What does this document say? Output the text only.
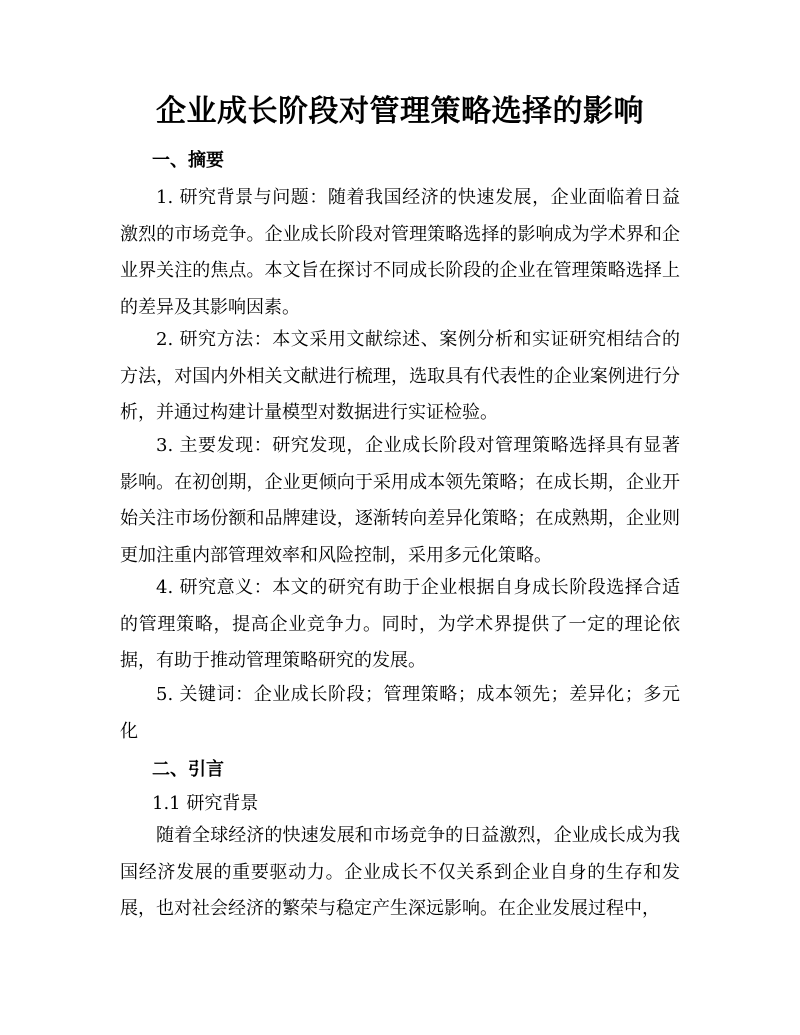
企业成长阶段对管理策略选择的影响
一、摘要

1. 研究背景与问题：随着我国经济的快速发展，企业面临着日益激烈的市场竞争。企业成长阶段对管理策略选择的影响成为学术界和企业界关注的焦点。本文旨在探讨不同成长阶段的企业在管理策略选择上的差异及其影响因素。

2. 研究方法：本文采用文献综述、案例分析和实证研究相结合的方法，对国内外相关文献进行梳理，选取具有代表性的企业案例进行分析，并通过构建计量模型对数据进行实证检验。

3. 主要发现：研究发现，企业成长阶段对管理策略选择具有显著影响。在初创期，企业更倾向于采用成本领先策略；在成长期，企业开始关注市场份额和品牌建设，逐渐转向差异化策略；在成熟期，企业则更加注重内部管理效率和风险控制，采用多元化策略。

4. 研究意义：本文的研究有助于企业根据自身成长阶段选择合适的管理策略，提高企业竞争力。同时，为学术界提供了一定的理论依据，有助于推动管理策略研究的发展。

5. 关键词：企业成长阶段；管理策略；成本领先；差异化；多元化

二、引言
1.1 研究背景

随着全球经济的快速发展和市场竞争的日益激烈，企业成长成为我国经济发展的重要驱动力。企业成长不仅关系到企业自身的生存和发展，也对社会经济的繁荣与稳定产生深远影响。在企业发展过程中，
